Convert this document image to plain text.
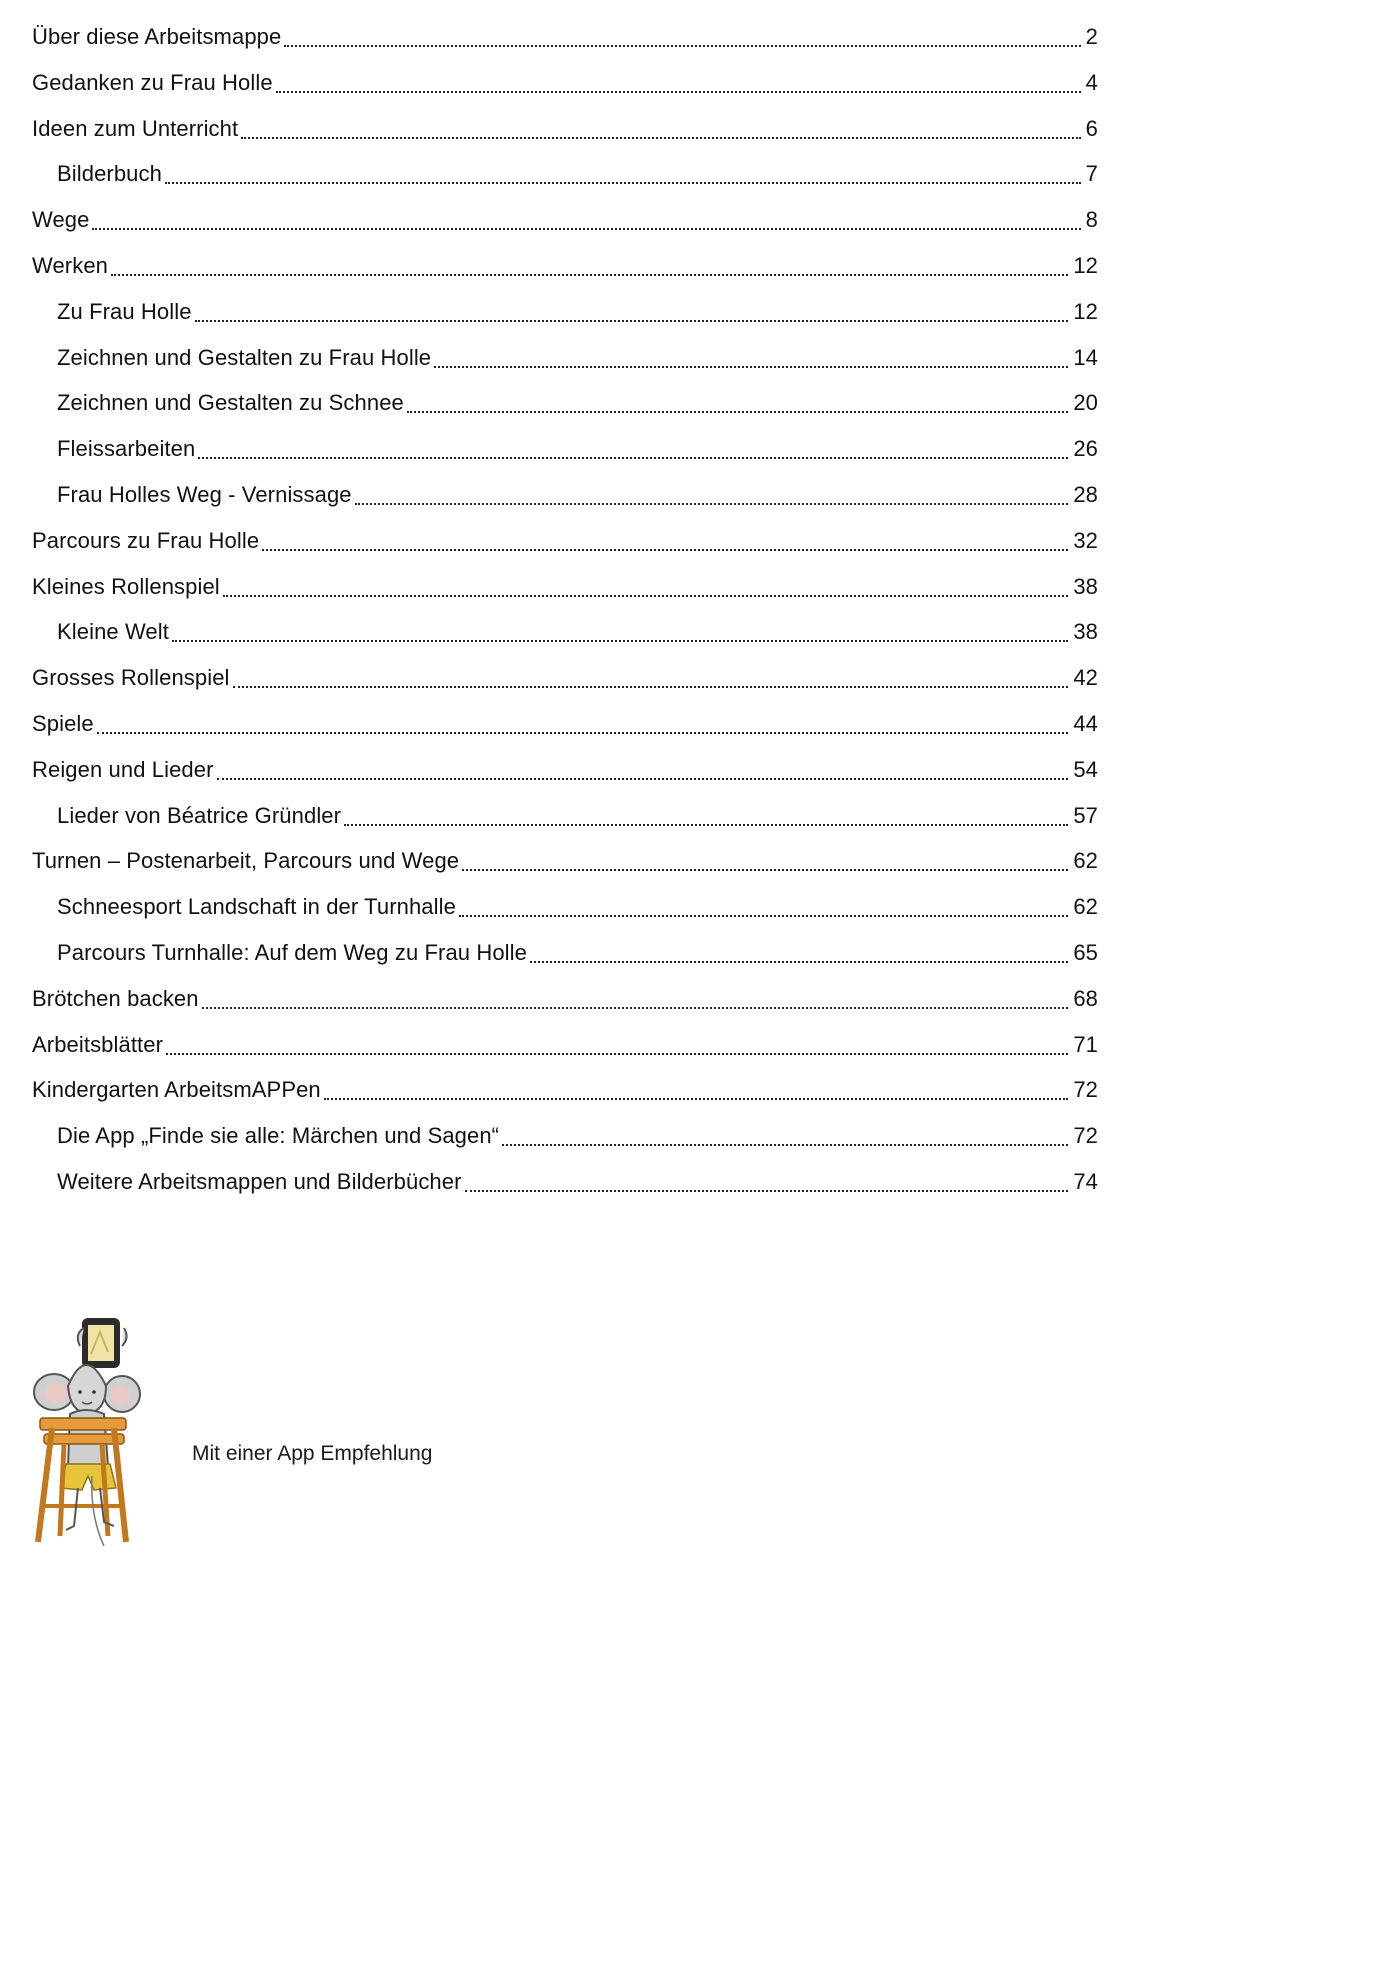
Über diese Arbeitsmappe	2
Gedanken zu Frau Holle	4
Ideen zum Unterricht	6
Bilderbuch	7
Wege	8
Werken	12
Zu Frau Holle	12
Zeichnen und Gestalten zu Frau Holle	14
Zeichnen und Gestalten zu Schnee	20
Fleissarbeiten	26
Frau Holles Weg - Vernissage	28
Parcours zu Frau Holle	32
Kleines Rollenspiel	38
Kleine Welt	38
Grosses Rollenspiel	42
Spiele	44
Reigen und Lieder	54
Lieder von Béatrice Gründler	57
Turnen – Postenarbeit, Parcours und Wege	62
Schneesport Landschaft in der Turnhalle	62
Parcours Turnhalle: Auf dem Weg zu Frau Holle	65
Brötchen backen	68
Arbeitsblätter	71
Kindergarten ArbeitsmAPPen	72
Die App „Finde sie alle: Märchen und Sagen“	72
Weitere Arbeitsmappen und Bilderbücher	74
Mit einer App Empfehlung
